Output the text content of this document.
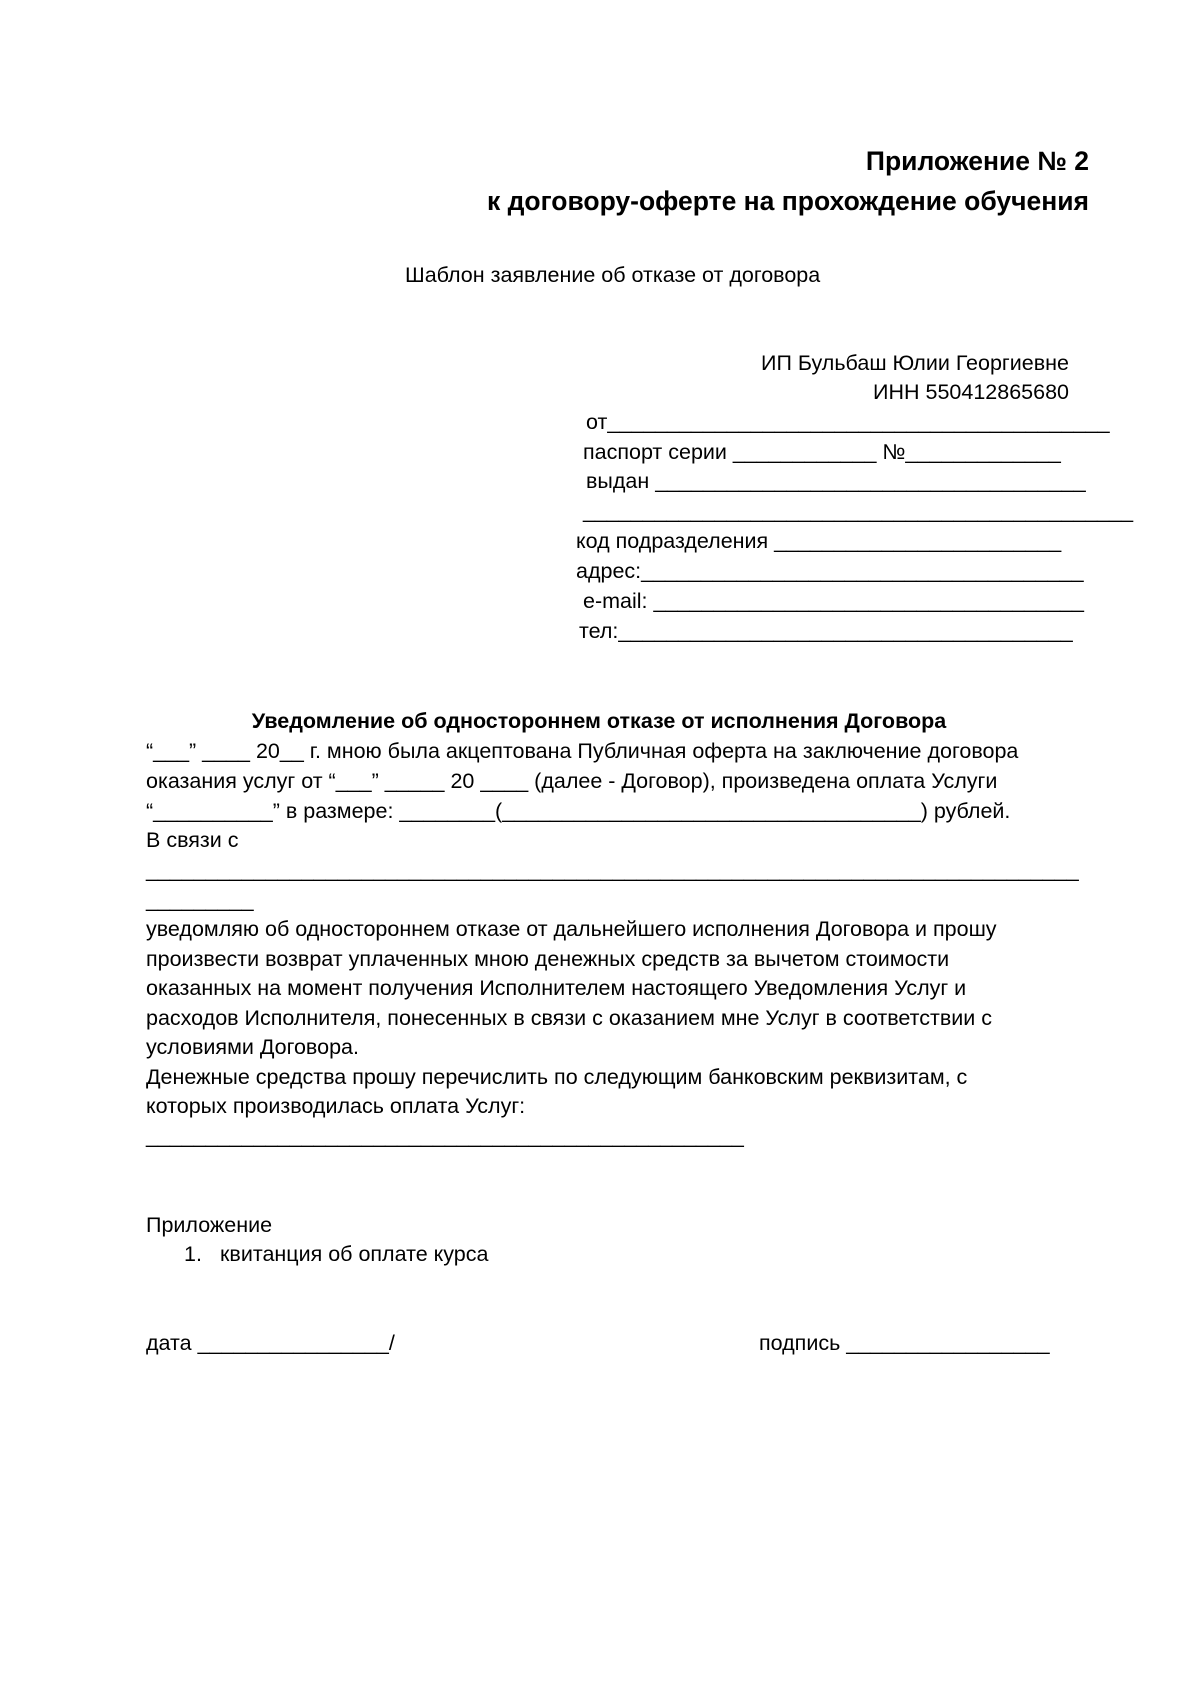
Приложение № 2
к договору-оферте на прохождение обучения
Шаблон заявление об отказе от договора
ИП Бульбаш Юлии Георгиевне
ИНН 550412865680
от__________________________________________
паспорт серии ____________ №_____________
выдан ____________________________________
______________________________________________
код подразделения ________________________
адрес:_____________________________________
e-mail: ____________________________________
тел:______________________________________
Уведомление об одностороннем отказе от исполнения Договора
“___” ____ 20__ г. мною была акцептована Публичная оферта на заключение договора
оказания услуг от “___” _____ 20 ____ (далее - Договор), произведена оплата Услуги
“__________” в размере: ________(___________________________________) рублей.
В связи с
______________________________________________________________________________
_________
уведомляю об одностороннем отказе от дальнейшего исполнения Договора и прошу
произвести возврат уплаченных мною денежных средств за вычетом стоимости
оказанных на момент получения Исполнителем настоящего Уведомления Услуг и
расходов Исполнителя, понесенных в связи с оказанием мне Услуг в соответствии с
условиями Договора.
Денежные средства прошу перечислить по следующим банковским реквизитам, с
которых производилась оплата Услуг:
__________________________________________________
Приложение
1. квитанция об оплате курса
дата ________________/	подпись _________________
